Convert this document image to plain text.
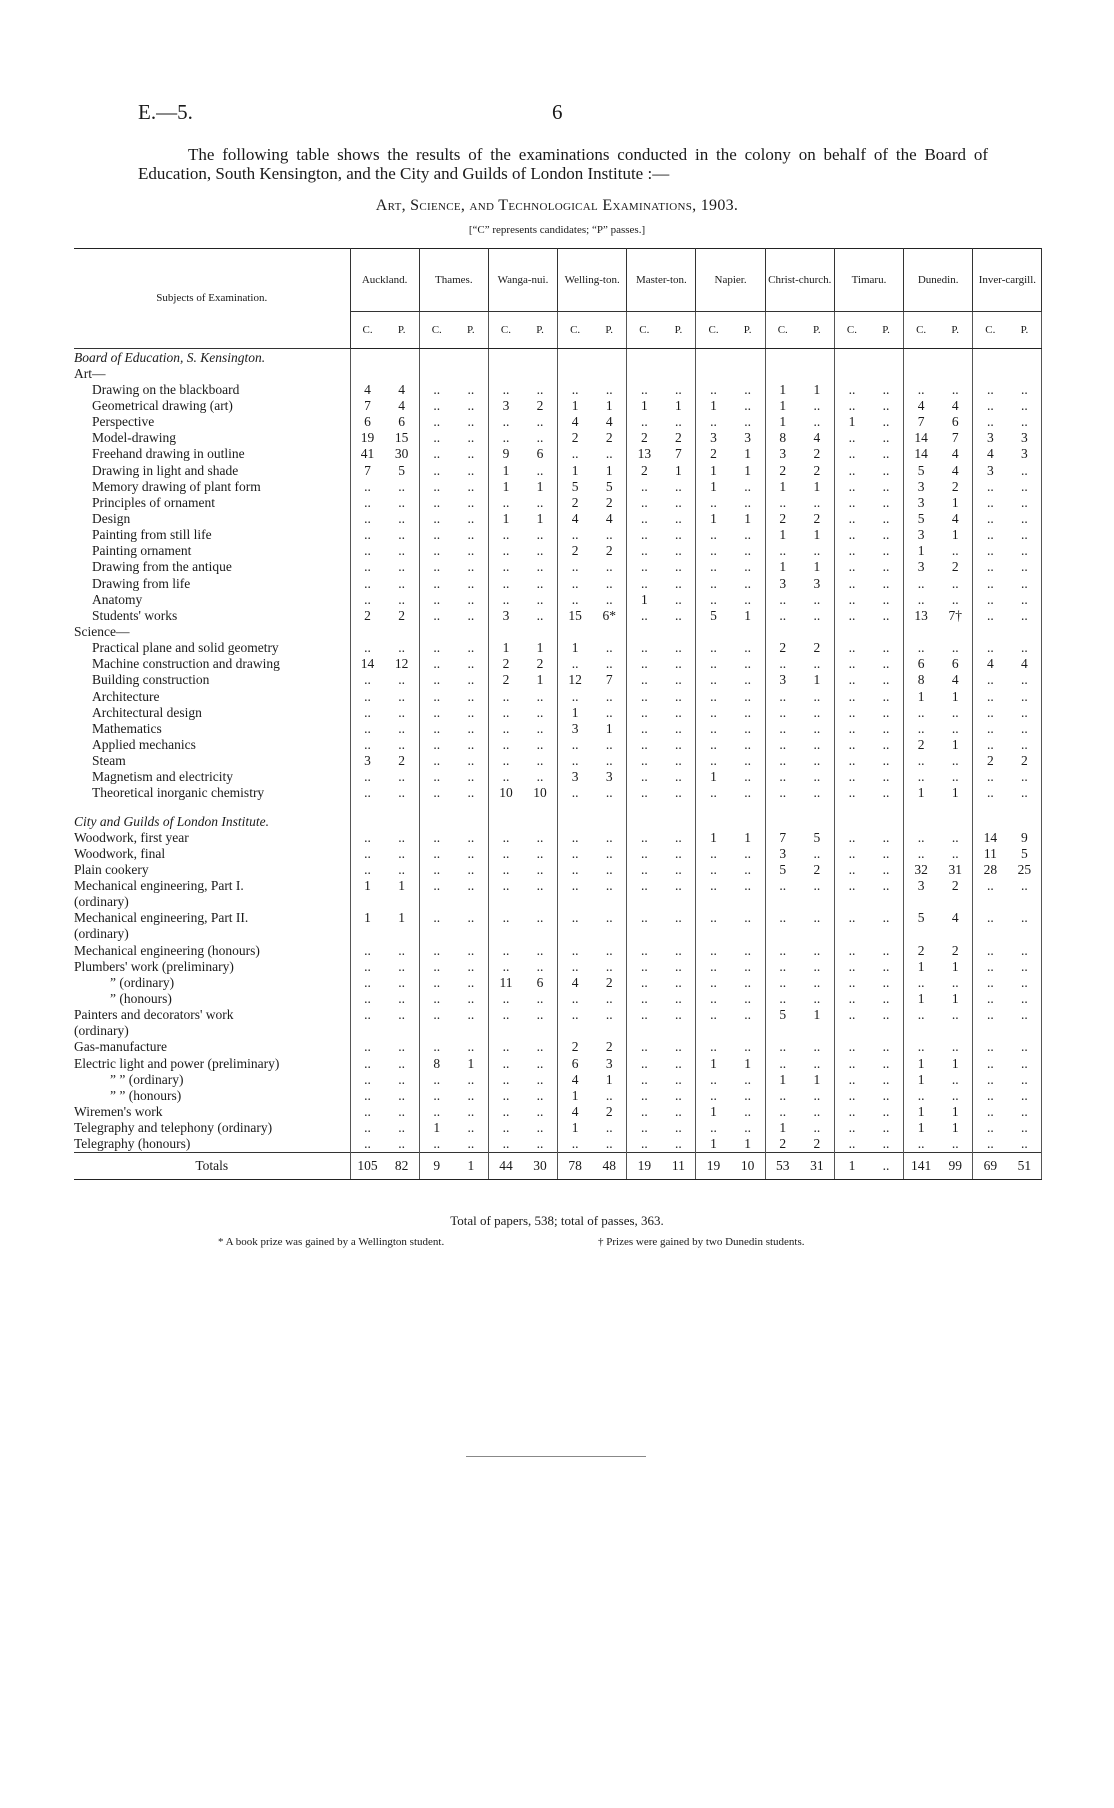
E.—5.	6
The following table shows the results of the examinations conducted in the colony on behalf of the Board of Education, South Kensington, and the City and Guilds of London Institute :—
Art, Science, and Technological Examinations, 1903.
[“C” represents candidates; “P” passes.]
Subjects of Examination.	Auckland.		Thames.		Wanga-nui.		Welling-ton.		Master-ton.		Napier.		Christ-church.		Timaru.		Dunedin.		Inver-cargill.	
	C.	P.	C.	P.	C.	P.	C.	P.	C.	P.	C.	P.	C.	P.	C.	P.	C.	P.	C.	P.
Board of Education, S. Kensington.																				
Art—																				
Drawing on the blackboard	4	4	..	..	..	..	..	..	..	..	..	..	1	1	..	..	..	..	..	..
Geometrical drawing (art)	7	4	..	..	3	2	1	1	1	1	1	..	1	..	..	..	4	4	..	..
Perspective	6	6	..	..	..	..	4	4	..	..	..	..	1	..	1	..	7	6	..	..
Model-drawing	19	15	..	..	..	..	2	2	2	2	3	3	8	4	..	..	14	7	3	3
Freehand drawing in outline	41	30	..	..	9	6	..	..	13	7	2	1	3	2	..	..	14	4	4	3
Drawing in light and shade	7	5	..	..	1	..	1	1	2	1	1	1	2	2	..	..	5	4	3	..
Memory drawing of plant form	..	..	..	..	1	1	5	5	..	..	1	..	1	1	..	..	3	2	..	..
Principles of ornament	..	..	..	..	..	..	2	2	..	..	..	..	..	..	..	..	3	1	..	..
Design	..	..	..	..	1	1	4	4	..	..	1	1	2	2	..	..	5	4	..	..
Painting from still life	..	..	..	..	..	..	..	..	..	..	..	..	1	1	..	..	3	1	..	..
Painting ornament	..	..	..	..	..	..	2	2	..	..	..	..	..	..	..	..	1	..	..	..
Drawing from the antique	..	..	..	..	..	..	..	..	..	..	..	..	1	1	..	..	3	2	..	..
Drawing from life	..	..	..	..	..	..	..	..	..	..	..	..	3	3	..	..	..	..	..	..
Anatomy	..	..	..	..	..	..	..	..	1	..	..	..	..	..	..	..	..	..	..	..
Students' works	2	2	..	..	3	..	15	6*	..	..	5	1	..	..	..	..	13	7†	..	..
Science—																				
Practical plane and solid geometry	..	..	..	..	1	1	1	..	..	..	..	..	2	2	..	..	..	..	..	..
Machine construction and drawing	14	12	..	..	2	2	..	..	..	..	..	..	..	..	..	..	6	6	4	4
Building construction	..	..	..	..	2	1	12	7	..	..	..	..	3	1	..	..	8	4	..	..
Architecture	..	..	..	..	..	..	..	..	..	..	..	..	..	..	..	..	1	1	..	..
Architectural design	..	..	..	..	..	..	1	..	..	..	..	..	..	..	..	..	..	..	..	..
Mathematics	..	..	..	..	..	..	3	1	..	..	..	..	..	..	..	..	..	..	..	..
Applied mechanics	..	..	..	..	..	..	..	..	..	..	..	..	..	..	..	..	2	1	..	..
Steam	3	2	..	..	..	..	..	..	..	..	..	..	..	..	..	..	..	..	2	2
Magnetism and electricity	..	..	..	..	..	..	3	3	..	..	1	..	..	..	..	..	..	..	..	..
Theoretical inorganic chemistry	..	..	..	..	10	10	..	..	..	..	..	..	..	..	..	..	1	1	..	..

City and Guilds of London Institute.																				
Woodwork, first year	..	..	..	..	..	..	..	..	..	..	1	1	7	5	..	..	..	..	14	9
Woodwork, final	..	..	..	..	..	..	..	..	..	..	..	..	3	..	..	..	..	..	11	5
Plain cookery	..	..	..	..	..	..	..	..	..	..	..	..	5	2	..	..	32	31	28	25
Mechanical engineering, Part I.	1	1	..	..	..	..	..	..	..	..	..	..	..	..	..	..	3	2	..	..
(ordinary)																				
Mechanical engineering, Part II.	1	1	..	..	..	..	..	..	..	..	..	..	..	..	..	..	5	4	..	..
(ordinary)																				
Mechanical engineering (honours)	..	..	..	..	..	..	..	..	..	..	..	..	..	..	..	..	2	2	..	..
Plumbers' work (preliminary)	..	..	..	..	..	..	..	..	..	..	..	..	..	..	..	..	1	1	..	..
” (ordinary)	..	..	..	..	11	6	4	2	..	..	..	..	..	..	..	..	..	..	..	..
” (honours)	..	..	..	..	..	..	..	..	..	..	..	..	..	..	..	..	1	1	..	..
Painters and decorators' work	..	..	..	..	..	..	..	..	..	..	..	..	5	1	..	..	..	..	..	..
(ordinary)																				
Gas-manufacture	..	..	..	..	..	..	2	2	..	..	..	..	..	..	..	..	..	..	..	..
Electric light and power (preliminary)	..	..	8	1	..	..	6	3	..	..	1	1	..	..	..	..	1	1	..	..
” ” (ordinary)	..	..	..	..	..	..	4	1	..	..	..	..	1	1	..	..	1	..	..	..
” ” (honours)	..	..	..	..	..	..	1	..	..	..	..	..	..	..	..	..	..	..	..	..
Wiremen's work	..	..	..	..	..	..	4	2	..	..	1	..	..	..	..	..	1	1	..	..
Telegraphy and telephony (ordinary)	..	..	1	..	..	..	1	..	..	..	..	..	1	..	..	..	1	1	..	..
Telegraphy (honours)	..	..	..	..	..	..	..	..	..	..	1	1	2	2	..	..	..	..	..	..
Totals	105	82	9	1	44	30	78	48	19	11	19	10	53	31	1	..	141	99	69	51
Total of papers, 538; total of passes, 363.
* A book prize was gained by a Wellington student.	† Prizes were gained by two Dunedin students.
